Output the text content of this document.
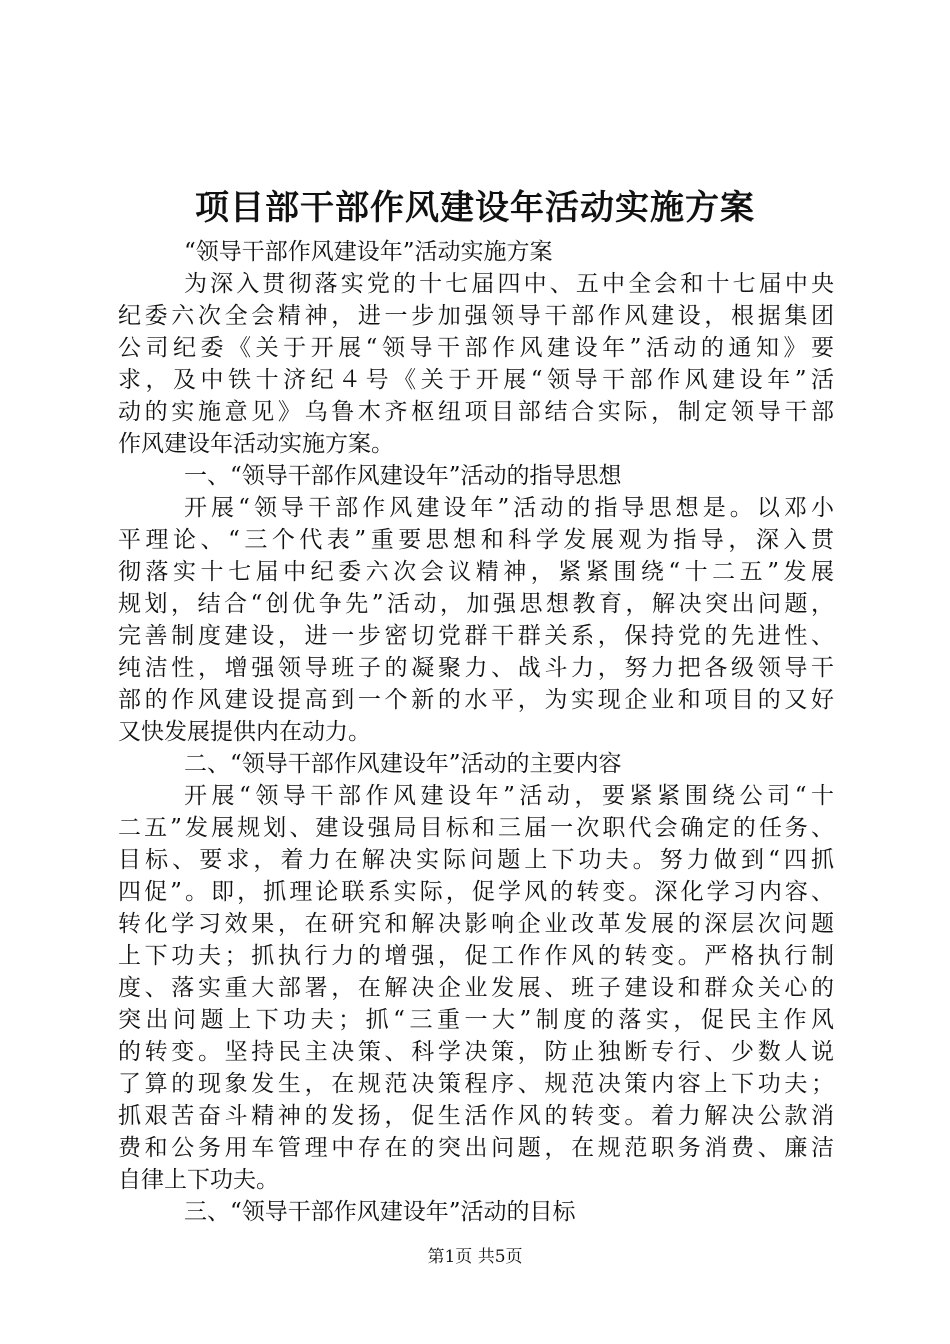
项目部干部作风建设年活动实施方案
“领导干部作风建设年”活动实施方案
为深入贯彻落实党的十七届四中、五中全会和十七届中央
纪委六次全会精神，进一步加强领导干部作风建设，根据集团
公司纪委《关于开展“领导干部作风建设年”活动的通知》要
求，及中铁十济纪４号《关于开展“领导干部作风建设年”活
动的实施意见》乌鲁木齐枢纽项目部结合实际，制定领导干部
作风建设年活动实施方案。
一、“领导干部作风建设年”活动的指导思想
开展“领导干部作风建设年”活动的指导思想是。以邓小
平理论、“三个代表”重要思想和科学发展观为指导，深入贯
彻落实十七届中纪委六次会议精神，紧紧围绕“十二五”发展
规划，结合“创优争先”活动，加强思想教育，解决突出问题，
完善制度建设，进一步密切党群干群关系，保持党的先进性、
纯洁性，增强领导班子的凝聚力、战斗力，努力把各级领导干
部的作风建设提高到一个新的水平，为实现企业和项目的又好
又快发展提供内在动力。
二、“领导干部作风建设年”活动的主要内容
开展“领导干部作风建设年”活动，要紧紧围绕公司“十
二五”发展规划、建设强局目标和三届一次职代会确定的任务、
目标、要求，着力在解决实际问题上下功夫。努力做到“四抓
四促”。即，抓理论联系实际，促学风的转变。深化学习内容、
转化学习效果，在研究和解决影响企业改革发展的深层次问题
上下功夫；抓执行力的增强，促工作作风的转变。严格执行制
度、落实重大部署，在解决企业发展、班子建设和群众关心的
突出问题上下功夫；抓“三重一大”制度的落实，促民主作风
的转变。坚持民主决策、科学决策，防止独断专行、少数人说
了算的现象发生，在规范决策程序、规范决策内容上下功夫；
抓艰苦奋斗精神的发扬，促生活作风的转变。着力解决公款消
费和公务用车管理中存在的突出问题，在规范职务消费、廉洁
自律上下功夫。
三、“领导干部作风建设年”活动的目标
第1页 共5页
